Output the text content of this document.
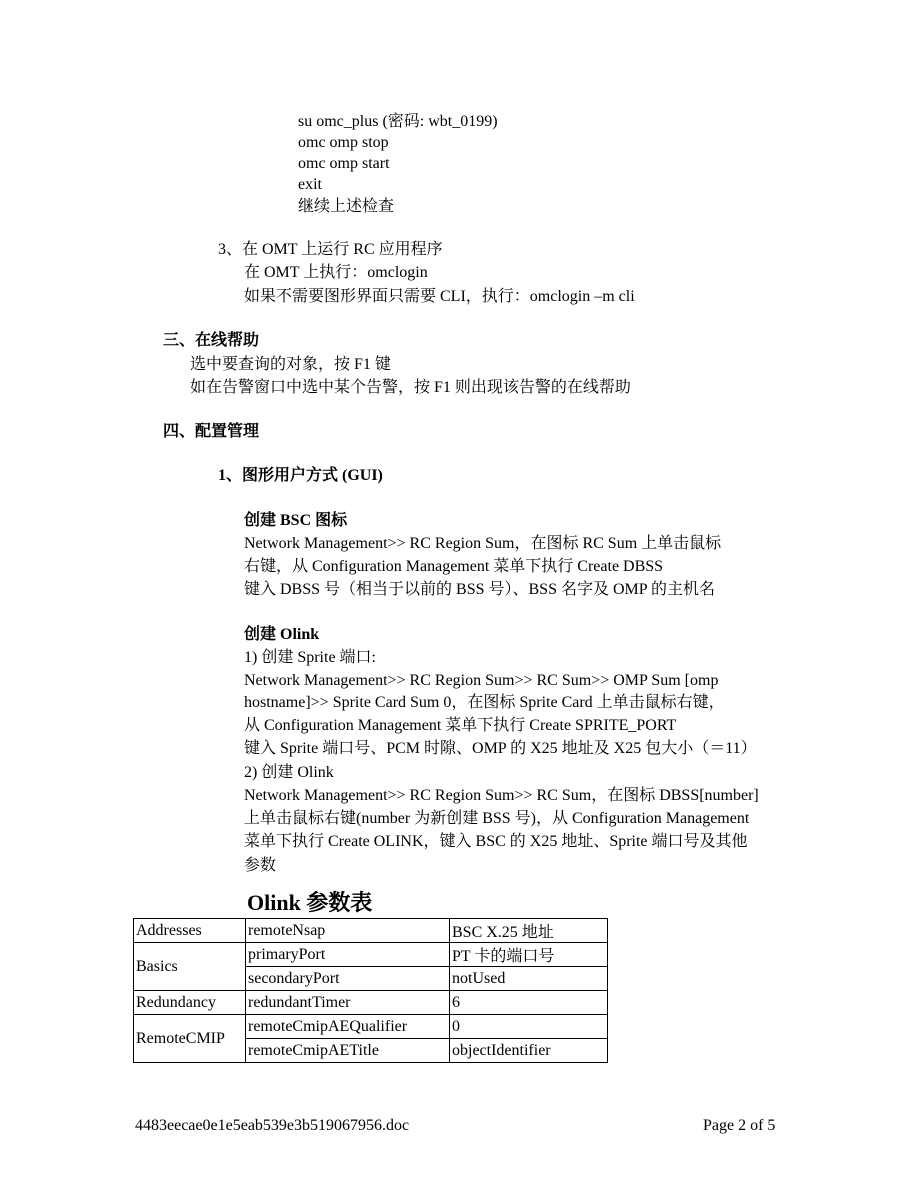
su omc_plus (密码: wbt_0199)
omc omp stop
omc omp start
exit
继续上述检查
3、在 OMT 上运行 RC 应用程序
在 OMT 上执行：omclogin
如果不需要图形界面只需要 CLI，执行：omclogin –m cli
三、在线帮助
选中要查询的对象，按 F1 键
如在告警窗口中选中某个告警，按 F1 则出现该告警的在线帮助
四、配置管理
1、图形用户方式 (GUI)
创建 BSC 图标
Network Management>> RC Region Sum，在图标 RC Sum 上单击鼠标
右键，从 Configuration Management 菜单下执行 Create DBSS
键入 DBSS 号（相当于以前的 BSS 号）、BSS 名字及 OMP 的主机名
创建 Olink
1) 创建 Sprite 端口:
Network Management>> RC Region Sum>> RC Sum>> OMP Sum [omp
hostname]>> Sprite Card Sum 0，在图标 Sprite Card 上单击鼠标右键，
从 Configuration Management 菜单下执行 Create SPRITE_PORT
键入 Sprite 端口号、PCM 时隙、OMP 的 X25 地址及 X25 包大小（＝11）
2) 创建 Olink
Network Management>> RC Region Sum>> RC Sum，在图标 DBSS[number]
上单击鼠标右键(number 为新创建 BSS 号)，从 Configuration Management
菜单下执行 Create OLINK，键入 BSC 的 X25 地址、Sprite 端口号及其他
参数
Olink 参数表
Addresses	remoteNsap	BSC X.25 地址
Basics	primaryPort	PT 卡的端口号
	secondaryPort	notUsed
Redundancy	redundantTimer	6
RemoteCMIP	remoteCmipAEQualifier	0
	remoteCmipAETitle	objectIdentifier
4483eecae0e1e5eab539e3b519067956.doc	Page 2 of 5
